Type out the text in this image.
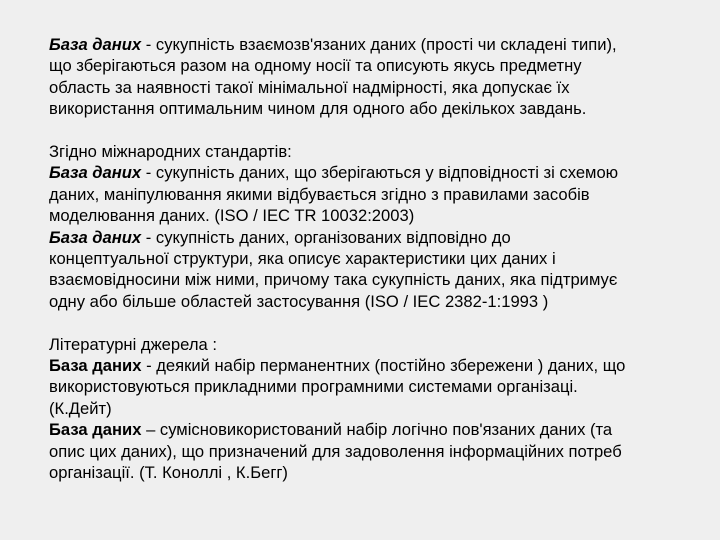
База даних - сукупність взаємозв'язаних даних (прості чи складені типи),
що зберігаються разом на одному носії та описують якусь предметну
область за наявності такої мінімальної надмірності, яка допускає їх
використання оптимальним чином для одного або декількох завдань.
Згідно міжнародних стандартів:
База даних - сукупність даних, що зберігаються у відповідності зі схемою
даних, маніпулювання якими відбувається згідно з правилами засобів
моделювання даних. (ISO / IEC TR 10032:2003)
База даних - сукупність даних, організованих відповідно до
концептуальної структури, яка описує характеристики цих даних і
взаємовідносини між ними, причому така сукупність даних, яка підтримує
одну або більше областей застосування (ISO / IEC 2382-1:1993 )
Літературні джерела :
База даних - деякий набір перманентних (постійно збережени ) даних, що
використовуються прикладними програмними системами організаці.
(К.Дейт)
База даних – сумісновикористований набір логічно пов'язаних даних (та
опис цих даних), що призначений для задоволення інформаційних потреб
організації. (Т. Коноллі , К.Бегг)
